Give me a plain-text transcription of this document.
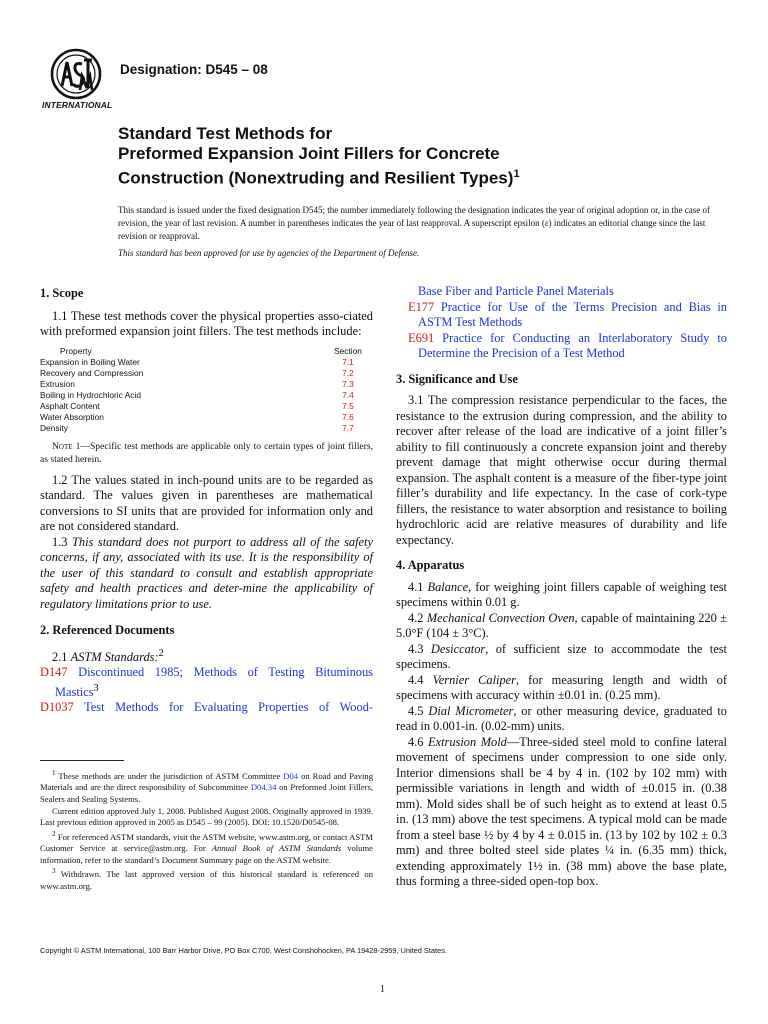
INTERNATIONAL
Designation: D545 – 08
Standard Test Methods for
Preformed Expansion Joint Fillers for Concrete
Construction (Nonextruding and Resilient Types)$^1$
This standard is issued under the fixed designation D545; the number immediately following the designation indicates the year of original adoption or, in the case of revision, the year of last revision. A number in parentheses indicates the year of last reapproval. A superscript epsilon (ε) indicates an editorial change since the last revision or reapproval.
This standard has been approved for use by agencies of the Department of Defense.
1. Scope

1.1 These test methods cover the physical properties asso-ciated with preformed expansion joint fillers. The test methods include:

Property	Section
Expansion in Boiling Water	7.1
Recovery and Compression	7.2
Extrusion	7.3
Boiling in Hydrochloric Acid	7.4
Asphalt Content	7.5
Water Absorption	7.6
Density	7.7

Note 1—Specific test methods are applicable only to certain types of joint fillers, as stated herein.

1.2 The values stated in inch-pound units are to be regarded as standard. The values given in parentheses are mathematical conversions to SI units that are provided for information only and are not considered standard.

1.3 This standard does not purport to address all of the safety concerns, if any, associated with its use. It is the responsibility of the user of this standard to consult and establish appropriate safety and health practices and deter-mine the applicability of regulatory limitations prior to use.

2. Referenced Documents

2.1 ASTM Standards:$^2$

D147 Discontinued 1985; Methods of Testing Bituminous Mastics$^3$

D1037 Test Methods for Evaluating Properties of Wood-

$^1$ These methods are under the jurisdiction of ASTM Committee D04 on Road and Paving Materials and are the direct responsibility of Subcommittee D04.34 on Preformed Joint Fillers, Sealers and Sealing Systems.

Current edition approved July 1, 2008. Published August 2008. Originally approved in 1939. Last previous edition approved in 2005 as D545 – 99 (2005). DOI: 10.1520/D0545-08.

$^2$ For referenced ASTM standards, visit the ASTM website, www.astm.org, or contact ASTM Customer Service at service@astm.org. For Annual Book of ASTM Standards volume information, refer to the standard’s Document Summary page on the ASTM website.

$^3$ Withdrawn. The last approved version of this historical standard is referenced on www.astm.org.

Base Fiber and Particle Panel Materials

E177 Practice for Use of the Terms Precision and Bias in ASTM Test Methods

E691 Practice for Conducting an Interlaboratory Study to Determine the Precision of a Test Method

3. Significance and Use

3.1 The compression resistance perpendicular to the faces, the resistance to the extrusion during compression, and the ability to recover after release of the load are indicative of a joint filler’s ability to fill continuously a concrete expansion joint and thereby prevent damage that might otherwise occur during thermal expansion. The asphalt content is a measure of the fiber-type joint filler’s durability and life expectancy. In the case of cork-type fillers, the resistance to water absorption and resistance to boiling hydrochloric acid are relative measures of durability and life expectancy.

4. Apparatus

4.1 Balance, for weighing joint fillers capable of weighing test specimens within 0.01 g.

4.2 Mechanical Convection Oven, capable of maintaining 220 ± 5.0°F (104 ± 3°C).

4.3 Desiccator, of sufficient size to accommodate the test specimens.

4.4 Vernier Caliper, for measuring length and width of specimens with accuracy within ±0.01 in. (0.25 mm).

4.5 Dial Micrometer, or other measuring device, graduated to read in 0.001-in. (0.02-mm) units.

4.6 Extrusion Mold—Three-sided steel mold to confine lateral movement of specimens under compression to one side only. Interior dimensions shall be 4 by 4 in. (102 by 102 mm) with permissible variations in length and width of ±0.015 in. (0.38 mm). Mold sides shall be of such height as to extend at least 0.5 in. (13 mm) above the test specimens. A typical mold can be made from a steel base ½ by 4 by 4 ± 0.015 in. (13 by 102 by 102 ± 0.3 mm) and three bolted steel side plates ¼ in. (6.35 mm) thick, extending approximately 1½ in. (38 mm) above the base plate, thus forming a three-sided open-top box.

Copyright © ASTM International, 100 Barr Harbor Drive, PO Box C700, West Conshohocken, PA 19428-2959, United States.
1
